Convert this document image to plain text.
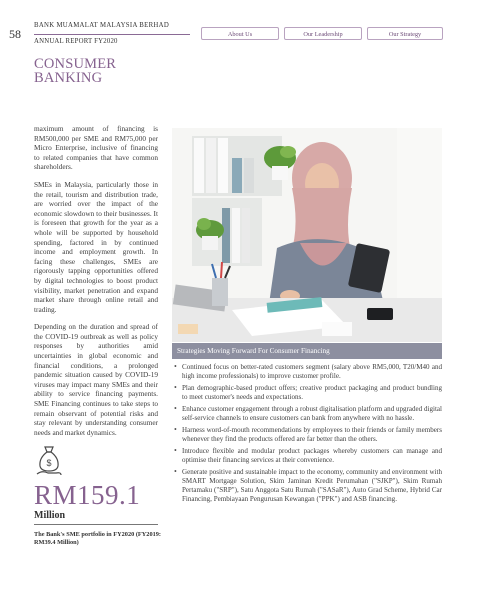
58
BANK MUAMALAT MALAYSIA BERHAD
ANNUAL REPORT FY2020
About Us	Our Leadership	Our Strategy
CONSUMER
BANKING

maximum amount of financing is RM500,000 per SME and RM75,000 per Micro Enterprise, inclusive of financing to related companies that have common shareholders.

SMEs in Malaysia, particularly those in the retail, tourism and distribution trade, are worried over the impact of the economic slowdown to their businesses. It is foreseen that growth for the year as a whole will be supported by household spending, factored in by continued income and employment growth. In facing these challenges, SMEs are rigorously tapping opportunities offered by digital technologies to boost product visibility, market penetration and expand market share through online retail and trading.

Depending on the duration and spread of the COVID-19 outbreak as well as policy responses by authorities amid uncertainties in global economic and financial conditions, a prolonged pandemic situation caused by COVID-19 viruses may impact many SMEs and their ability to service financing payments. SME Financing continues to take steps to remain observant of potential risks and stay relevant by understanding consumer needs and market dynamics.

Strategies Moving Forward For Consumer Financing
• Continued focus on better-rated customers segment (salary above RM5,000, T20/M40 and high income professionals) to improve customer profile.
• Plan demographic-based product offers; creative product packaging and product bundling to meet customer's needs and expectations.
• Enhance customer engagement through a robust digitalisation platform and upgraded digital self-service channels to ensure customers can bank from anywhere with no hassle.
• Harness word-of-mouth recommendations by employees to their friends or family members whenever they find the products offered are far better than the others.
• Introduce flexible and modular product packages whereby customers can manage and optimise their financing services at their convenience.
• Generate positive and sustainable impact to the economy, community and environment with SMART Mortgage Solution, Skim Jaminan Kredit Perumahan ("SJKP"), Skim Rumah Pertamaku ("SRP"), Satu Anggota Satu Rumah ("SASaR"), Auto Grad Scheme, Hybrid Car Financing, Pembiayaan Pengurusan Kewangan ("PPK") and ASB financing.
$
RM159.1
Million
The Bank's SME portfolio in FY2020 (FY2019: RM39.4 Million)
